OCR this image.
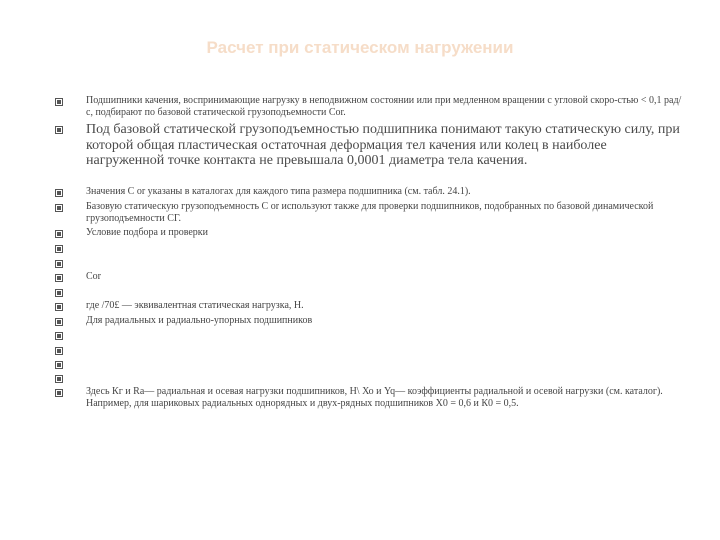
Расчет при статическом нагружении
Подшипники качения, воспринимающие нагрузку в неподвижном состоянии или при медленном вращении с угловой скоро-стью < 0,1 рад/с, подбирают по базовой статической грузоподъемности Cor.
Под базовой статической грузоподъемностью подшипника понимают такую статическую силу, при которой общая пластическая остаточная деформация тел качения или колец в наиболее нагруженной точке контакта не превышала 0,0001 диаметра тела качения.
Значения С or указаны в каталогах для каждого типа размера подшипника (см. табл. 24.1).
Базовую статическую грузоподъемность С or используют также для проверки подшипников, подобранных по базовой динамической грузоподъемности СГ.
Условие подбора и проверки
Cor
где /70£ — эквивалентная статическая нагрузка, Н.
Для радиальных и радиально-упорных подшипников
Здесь Кг и Rа— радиальная и осевая нагрузки подшипников, Н\ Хо и Yq— коэффициенты радиальной и осевой нагрузки (см. каталог). Например, для шариковых радиальных однорядных и двух-рядных подшипников Х0 = 0,6 и К0 = 0,5.
